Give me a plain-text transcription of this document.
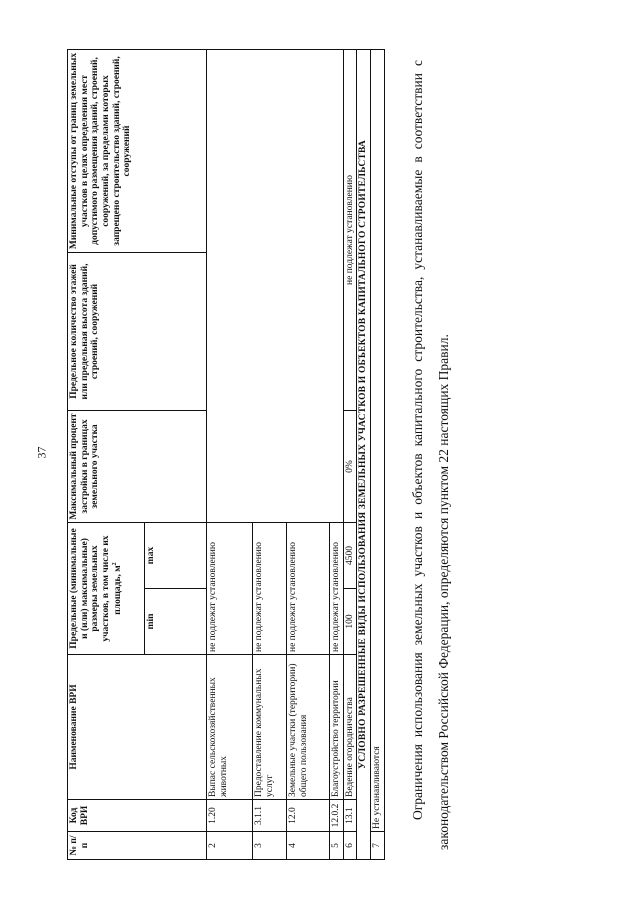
37
№ п/п	Код ВРИ	Наименование ВРИ	Предельные (минимальные и (или) максимальные) размеры земельных участков, в том числе их площадь, $м^2$		Максимальный процент застройки в границах земельного участка	Предельное количество этажей или предельная высота зданий, строений, сооружений	Минимальные отступы от границ земельных участков в целях определения мест допустимого размещения зданий, строений, сооружений, за пределами которых запрещено строительство зданий, строений, сооружений
			min	max			
2	1.20	Выпас сельскохозяйственных животных	не подлежат установлению				
3	3.1.1	Предоставление коммунальных услуг	не подлежат установлению				
4	12.0	Земельные участки (территории) общего пользования	не подлежат установлению				
5	12.0.2	Благоустройство территории	не подлежат установлению				
6	13.1	Ведение огородничества	100	4500	0%	не подлежат установлению	
УСЛОВНО РАЗРЕШЕННЫЕ ВИДЫ ИСПОЛЬЗОВАНИЯ ЗЕМЕЛЬНЫХ УЧАСТКОВ И ОБЪЕКТОВ КАПИТАЛЬНОГО СТРОИТЕЛЬСТВА							
7	Не устанавливаются							Ограничения использования земельных участков и объектов капитального строительства, устанавливаемые в соответствии с законодательством Российской Федерации, определяются пунктом 22 настоящих Правил.
